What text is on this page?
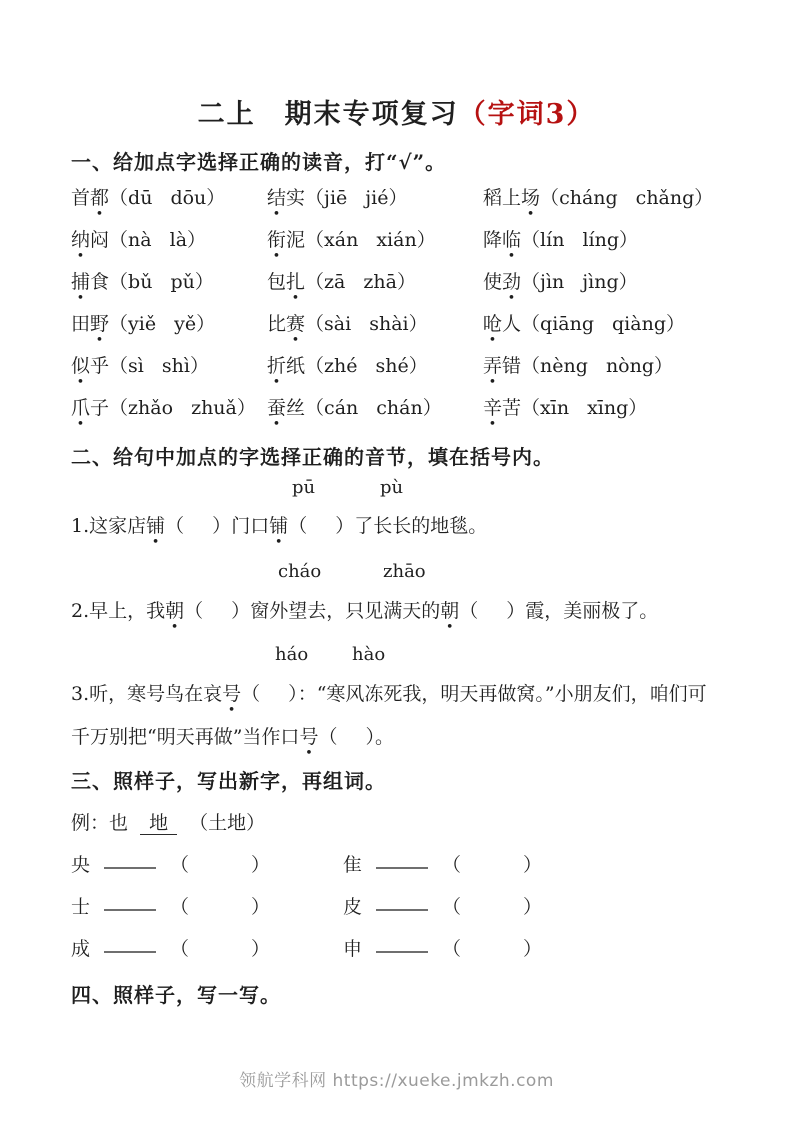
二上　期末专项复习（字词3）
一、给加点字选择正确的读音，打“√”。
首都（dū dōu）	结实（jiē jié）	稻上场（cháng chǎng）
纳闷（nà là）	衔泥（xán xián）	降临（lín líng）
捕食（bǔ pǔ）	包扎（zā zhā）	使劲（jìn jìng）
田野（yiě yě）	比赛（sài shài）	呛人（qiāng qiàng）
似乎（sì shì）	折纸（zhé shé）	弄错（nèng nòng）
爪子（zhǎo zhuǎ） 蚕丝（cán chán）	辛苦（xīn xīng）
二、给句中加点的字选择正确的音节，填在括号内。
pū	pù
1.这家店铺（ ）门口铺（ ）了长长的地毯。
cháo	zhāo
2.早上，我朝（ ）窗外望去，只见满天的朝（ ）霞，美丽极了。
háo hào
3.听，寒号鸟在哀号（ ）：“寒风冻死我，明天再做窝。”小朋友们，咱们可
千万别把“明天再做”当作口号（ ）。
三、照样子，写出新字，再组词。
例：也 地 （土地）
央	（	）	隹	（	）
士	（	）	皮	（	）
成	（	）	申	（	）
四、照样子，写一写。
领航学科网 https://xueke.jmkzh.com
